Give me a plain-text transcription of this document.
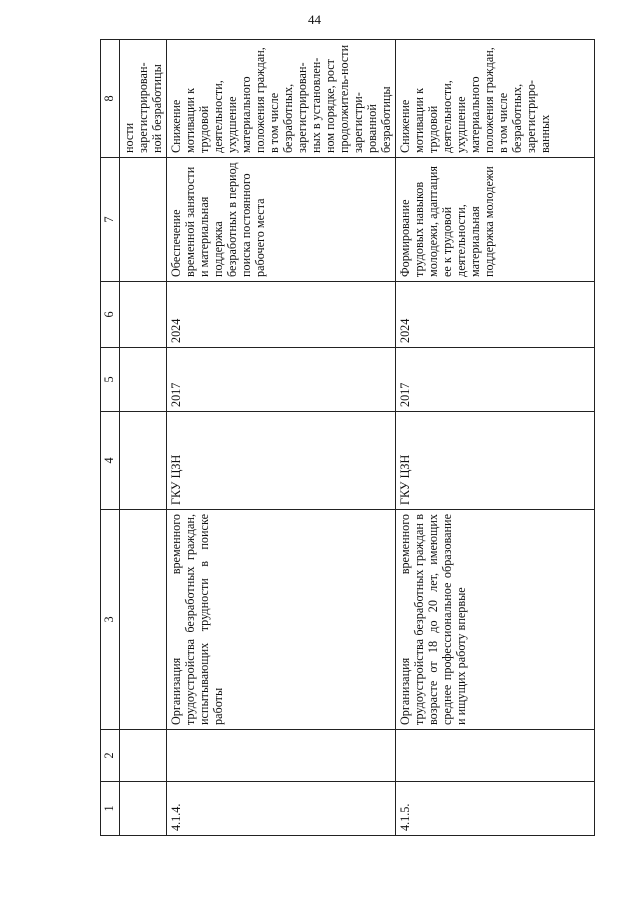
44
1	2	3	4	5	6	7	8
							ности зарегистрирован-ной безработицы
4.1.4.		Организация временного трудоустройства безработных граждан, испытывающих трудности в поиске работы	ГКУ ЦЗН	2017	2024	Обеспечение временной занятости и материальная поддержка безработных в период поиска постоянного рабочего места	Снижение мотивации к трудовой деятельности, ухудшение материального положения граждан, в том числе безработных, зарегистрирован-ных в установлен-ном порядке, рост продолжитель-ности зарегистри-рованной безработицы
4.1.5.		Организация временного трудоустройства безработных граждан в возрасте от 18 до 20 лет, имеющих среднее профессиональное образование и ищущих работу впервые	ГКУ ЦЗН	2017	2024	Формирование трудовых навыков молодежи, адаптация ее к трудовой деятельности, материальная поддержка молодежи	Снижение мотивации к трудовой деятельности, ухудшение материального положения граждан, в том числе безработных, зарегистриро-ванных
